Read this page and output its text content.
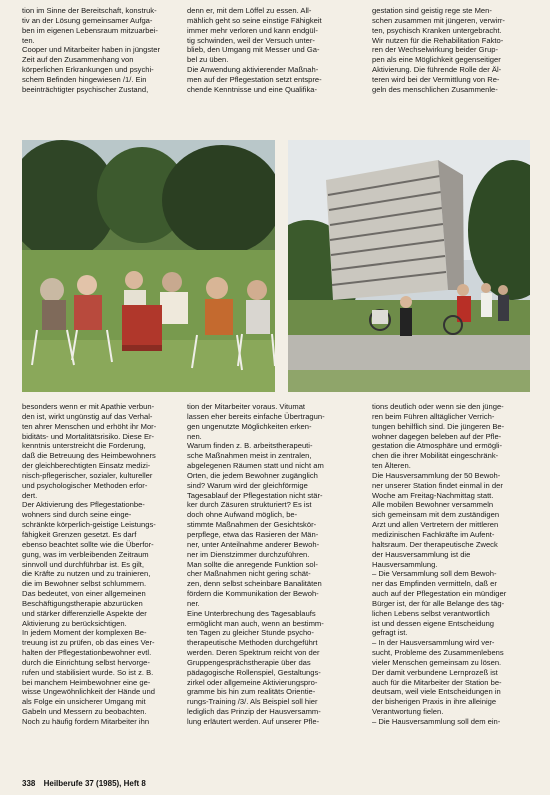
tion im Sinne der Bereitschaft, konstruk-

tiv an der Lösung gemeinsamer Aufga-

ben im eigenen Lebensraum mitzuarbei-

ten.

Cooper und Mitarbeiter haben in jüngster

Zeit auf den Zusammenhang von

körperlichen Erkrankungen und psychi-

schem Befinden hingewiesen /1/. Ein

beeinträchtigter psychischer Zustand,

denn er, mit dem Löffel zu essen. All-

mählich geht so seine einstige Fähigkeit

immer mehr verloren und kann endgül-

tig schwinden, weil der Versuch unter-

blieb, den Umgang mit Messer und Ga-

bel zu üben.

Die Anwendung aktivierender Maßnah-

men auf der Pflegestation setzt entspre-

chende Kenntnisse und eine Qualifika-

gestation sind geistig rege ste Men-

schen zusammen mit jüngeren, verwirr-

ten, psychisch Kranken untergebracht.

Wir nutzen für die Rehabilitation Fakto-

ren der Wechselwirkung beider Grup-

pen als eine Möglichkeit gegenseitiger

Aktivierung. Die führende Rolle der Äl-

teren wird bei der Vermittlung von Re-

geln des menschlichen Zusammenle-

besonders wenn er mit Apathie verbun-

den ist, wirkt ungünstig auf das Verhal-

ten ahrer Menschen und erhöht ihr Mor-

biditäts- und Mortalitätsrisiko. Diese Er-

kenntnis unterstreicht die Forderung,

daß die Betreuung des Heimbewohners

der gleichberechtigten Einsatz medizi-

nisch-pflegerischer, sozialer, kultureller

und psychologischer Methoden erfor-

dert.

Der Aktivierung des Pflegestationbe-

wohners sind durch seine einge-

schränkte körperlich-geistige Leistungs-

fähigkeit Grenzen gesetzt. Es darf

ebenso beachtet sollte wie die Überfor-

gung, was im verbleibenden Zeitraum

sinnvoll und durchführbar ist. Es gilt,

die Kräfte zu nutzen und zu trainieren,

die im Bewohner selbst schlummern.

Das bedeutet, von einer allgemeinen

Beschäftigungstherapie abzurücken

und stärker differenzielle Aspekte der

Aktivierung zu berücksichtigen.

In jedem Moment der komplexen Be-

treuung ist zu prüfen, ob das eines Ver-

halten der Pflegestationbewohner evtl.

durch die Einrichtung selbst hervorge-

rufen und stabilisiert wurde. So ist z. B.

bei manchem Heimbewohner eine ge-

wisse Ungewöhnlichkeit der Hände und

als Folge ein unsicherer Umgang mit

Gabeln und Messern zu beobachten.

Noch zu häufig fordern Mitarbeiter ihn

tion der Mitarbeiter voraus. Vitumat

lassen eher bereits einfache Übertragun-

gen ungenutzte Möglichkeiten erken-

nen.

Warum finden z. B. arbeitstherapeuti-

sche Maßnahmen meist in zentralen,

abgelegenen Räumen statt und nicht am

Orten, die jedem Bewohner zugänglich

sind? Warum wird der gleichförmige

Tagesablauf der Pflegestation nicht stär-

ker durch Zäsuren strukturiert? Es ist

doch ohne Aufwand möglich, be-

stimmte Maßnahmen der Gesichtskör-

perpflege, etwa das Rasieren der Män-

ner, unter Anteilnahme anderer Bewoh-

ner im Dienstzimmer durchzuführen.

Man sollte die anregende Funktion sol-

cher Maßnahmen nicht gering schät-

zen, denn selbst scheinbare Banalitäten

fördern die Kommunikation der Bewoh-

ner.

Eine Unterbrechung des Tagesablaufs

ermöglicht man auch, wenn an bestimm-

ten Tagen zu gleicher Stunde psycho-

therapeutische Methoden durchgeführt

werden. Deren Spektrum reicht von der

Gruppengesprächstherapie über das

pädagogische Rollenspiel, Gestaltungs-

zirkel oder allgemeine Aktivierungspro-

gramme bis hin zum realitäts Orientie-

rungs-Training /3/. Als Beispiel soll hier

lediglich das Prinzip der Hausversamm-

lung erläutert werden. Auf unserer Pfle-

tions deutlich oder wenn sie den jünge-

ren beim Führen alltäglicher Verrich-

tungen behilflich sind. Die jüngeren Be-

wohner dagegen beleben auf der Pfle-

gestation die Atmosphäre und ermögli-

chen die ihrer Mobilität eingeschränk-

ten Älteren.

Die Hausversammlung der 50 Bewoh-

ner unserer Station findet einmal in der

Woche am Freitag-Nachmittag statt.

Alle mobilen Bewohner versammeln

sich gemeinsam mit dem zuständigen

Arzt und allen Vertretern der mittleren

medizinischen Fachkräfte im Aufent-

haltsraum. Der therapeutische Zweck

der Hausversammlung ist die

Hausversammlung.

– Die Versammlung soll dem Bewoh-

ner das Empfinden vermitteln, daß er

auch auf der Pflegestation ein mündiger

Bürger ist, der für alle Belange des täg-

lichen Lebens selbst verantwortlich

ist und dessen eigene Entscheidung

gefragt ist.

– In der Hausversammlung wird ver-

sucht, Probleme des Zusammenlebens

vieler Menschen gemeinsam zu lösen.

Der damit verbundene Lernprozeß ist

auch für die Mitarbeiter der Station be-

deutsam, weil viele Entscheidungen in

der bisherigen Praxis in ihre alleinige

Verantwortung fielen.

– Die Hausversammlung soll dem ein-

338 Heilberufe 37 (1985), Heft 8
